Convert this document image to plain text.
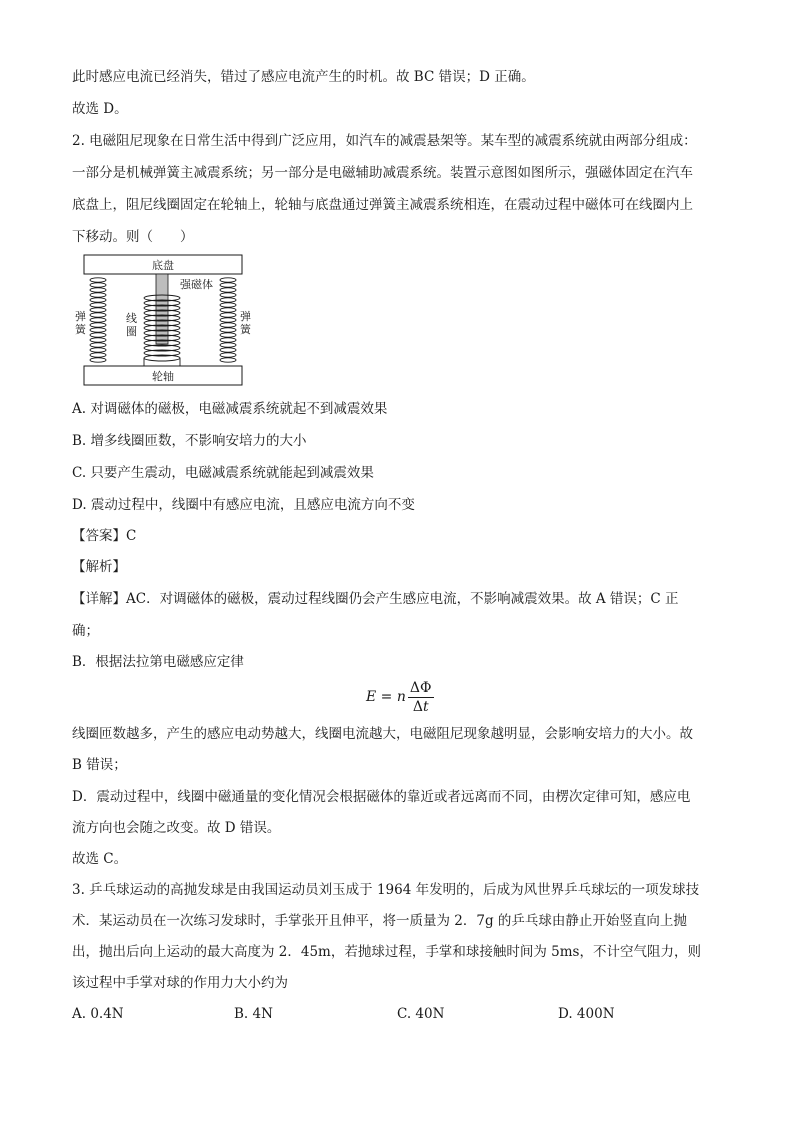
此时感应电流已经消失，错过了感应电流产生的时机。故 BC 错误；D 正确。
故选 D。
2. 电磁阻尼现象在日常生活中得到广泛应用，如汽车的减震悬架等。某车型的减震系统就由两部分组成：
一部分是机械弹簧主减震系统；另一部分是电磁辅助减震系统。装置示意图如图所示，强磁体固定在汽车
底盘上，阻尼线圈固定在轮轴上，轮轴与底盘通过弹簧主减震系统相连，在震动过程中磁体可在线圈内上
下移动。则（　　）
底盘
轮轴
弹
簧
弹
簧
强磁体
线
圈
A. 对调磁体的磁极，电磁减震系统就起不到减震效果
B. 增多线圈匝数，不影响安培力的大小
C. 只要产生震动，电磁减震系统就能起到减震效果
D. 震动过程中，线圈中有感应电流，且感应电流方向不变
【答案】C
【解析】
【详解】AC．对调磁体的磁极，震动过程线圈仍会产生感应电流，不影响减震效果。故 A 错误；C 正
确；
B．根据法拉第电磁感应定律
E = n $\frac{\Delta\Phi}{\Delta t}$
线圈匝数越多，产生的感应电动势越大，线圈电流越大，电磁阻尼现象越明显，会影响安培力的大小。故
B 错误；
D．震动过程中，线圈中磁通量的变化情况会根据磁体的靠近或者远离而不同，由楞次定律可知，感应电
流方向也会随之改变。故 D 错误。
故选 C。
3. 乒乓球运动的高抛发球是由我国运动员刘玉成于 1964 年发明的，后成为风世界乒乓球坛的一项发球技
术．某运动员在一次练习发球时，手掌张开且伸平，将一质量为 2．7g 的乒乓球由静止开始竖直向上抛
出，抛出后向上运动的最大高度为 2．45m，若抛球过程，手掌和球接触时间为 5ms，不计空气阻力，则
该过程中手掌对球的作用力大小约为
A. 0.4N	B. 4N	C. 40N	D. 400N
